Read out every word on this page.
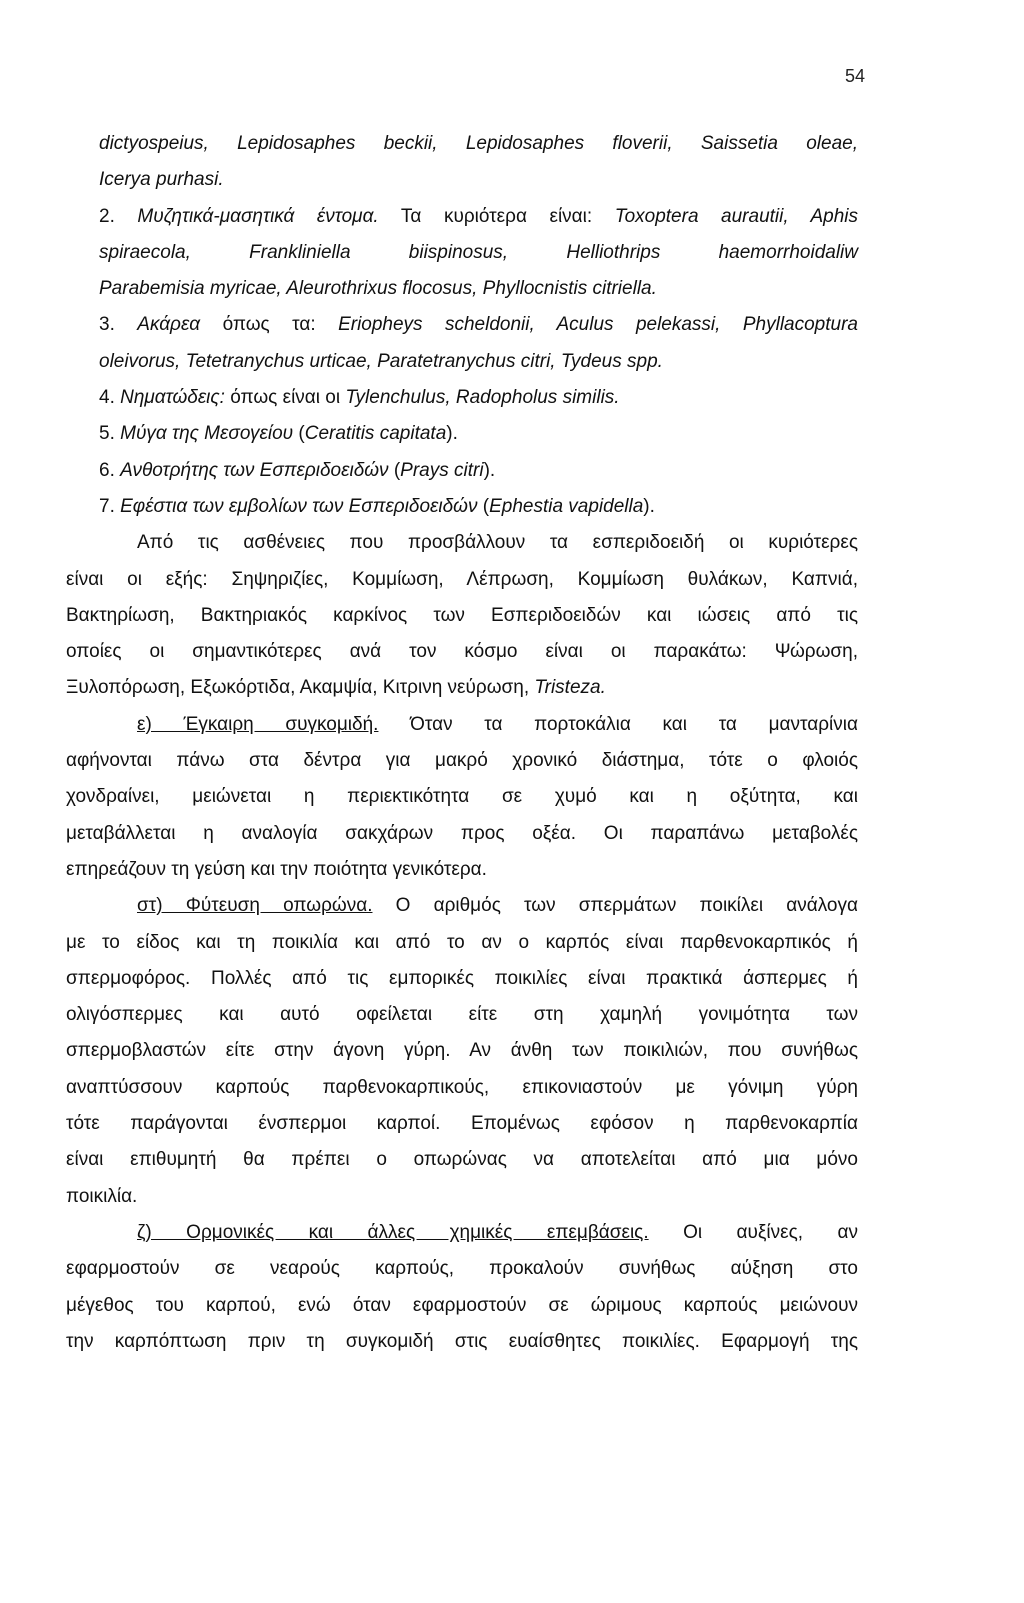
54
dictyospeius, Lepidosaphes beckii, Lepidosaphes floverii, Saissetia oleae,
Icerya purhasi.
2. Μυζητικά-μασητικά έντομα. Τα κυριότερα είναι: Toxoptera aurautii, Aphis
spiraecola, Frankliniella biispinosus, Helliothrips haemorrhoidaliw
Parabemisia myricae, Aleurothrixus flocosus, Phyllocnistis citriella.
3. Ακάρεα όπως τα: Eriopheys scheldonii, Aculus pelekassi, Phyllacoptura
oleivorus, Tetetranychus urticae, Paratetranychus citri, Tydeus spp.
4. Νηματώδεις: όπως είναι οι Tylenchulus, Radopholus similis.
5. Μύγα της Μεσογείου (Ceratitis capitata).
6. Ανθοτρήτης των Εσπεριδοειδών (Prays citri).
7. Εφέστια των εμβολίων των Εσπεριδοειδών (Ephestia vapidella).
Από τις ασθένειες που προσβάλλουν τα εσπεριδοειδή οι κυριότερες
είναι οι εξής: Σηψηριζίες, Κομμίωση, Λέπρωση, Κομμίωση θυλάκων, Καπνιά,
Βακτηρίωση, Βακτηριακός καρκίνος των Εσπεριδοειδών και ιώσεις από τις
οποίες οι σημαντικότερες ανά τον κόσμο είναι οι παρακάτω: Ψώρωση,
Ξυλοπόρωση, Εξωκόρτιδα, Ακαμψία, Κιτρινη νεύρωση, Tristeza.
ε) Έγκαιρη συγκομιδή. Όταν τα πορτοκάλια και τα μανταρίνια
αφήνονται πάνω στα δέντρα για μακρό χρονικό διάστημα, τότε ο φλοιός
χονδραίνει, μειώνεται η περιεκτικότητα σε χυμό και η οξύτητα, και
μεταβάλλεται η αναλογία σακχάρων προς οξέα. Οι παραπάνω μεταβολές
επηρεάζουν τη γεύση και την ποιότητα γενικότερα.
στ) Φύτευση οπωρώνα. Ο αριθμός των σπερμάτων ποικίλει ανάλογα
με το είδος και τη ποικιλία και από το αν ο καρπός είναι παρθενοκαρπικός ή
σπερμοφόρος. Πολλές από τις εμπορικές ποικιλίες είναι πρακτικά άσπερμες ή
ολιγόσπερμες και αυτό οφείλεται είτε στη χαμηλή γονιμότητα των
σπερμοβλαστών είτε στην άγονη γύρη. Αν άνθη των ποικιλιών, που συνήθως
αναπτύσσουν καρπούς παρθενοκαρπικούς, επικονιαστούν με γόνιμη γύρη
τότε παράγονται ένσπερμοι καρποί. Επομένως εφόσον η παρθενοκαρπία
είναι επιθυμητή θα πρέπει ο οπωρώνας να αποτελείται από μια μόνο
ποικιλία.
ζ) Ορμονικές και άλλες χημικές επεμβάσεις. Οι αυξίνες, αν
εφαρμοστούν σε νεαρούς καρπούς, προκαλούν συνήθως αύξηση στο
μέγεθος του καρπού, ενώ όταν εφαρμοστούν σε ώριμους καρπούς μειώνουν
την καρπόπτωση πριν τη συγκομιδή στις ευαίσθητες ποικιλίες. Εφαρμογή της
